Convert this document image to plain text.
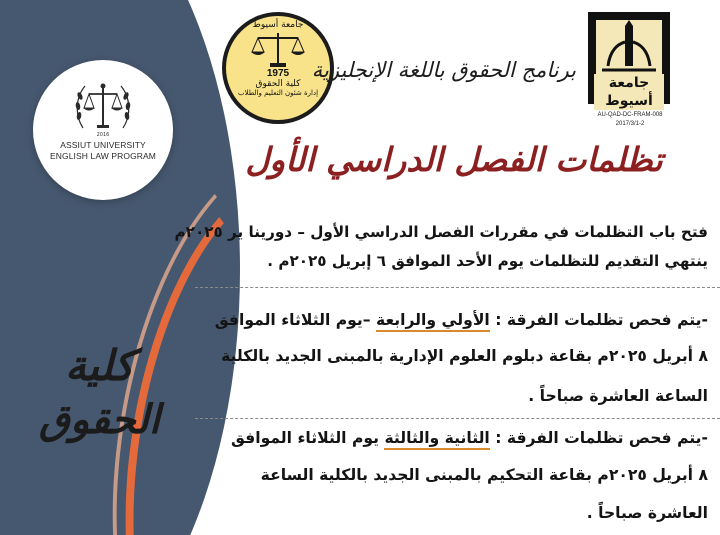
2016
ASSIUT UNIVERSITY
ENGLISH LAW PROGRAM
كلية
الحقوق
جامعة أسيوط
1975
كلية الحقوق
إدارة شئون التعليم والطلاب
جامعة أسيوط
AU-QAD-DC-FRAM-008
2017/3/1-2
برنامج الحقوق باللغة الإنجليزية
تظلمات الفصل الدراسي الأول

فتح باب التظلمات في مقررات الفصل الدراسي الأول – دورينا ير ٢٠٢٥م

ينتهي التقديم للتظلمات يوم الأحد الموافق ٦ إبريل ٢٠٢٥م .

-يتم فحص تظلمات الفرقة : الأولي والرابعة –يوم الثلاثاء الموافق

٨ أبريل ٢٠٢٥م بقاعة دبلوم العلوم الإدارية بالمبنى الجديد بالكلية

الساعة العاشرة صباحاً .

-يتم فحص تظلمات الفرقة : الثانية والثالثة يوم الثلاثاء الموافق

٨ أبريل ٢٠٢٥م بقاعة التحكيم بالمبنى الجديد بالكلية الساعة

العاشرة صباحاً .
